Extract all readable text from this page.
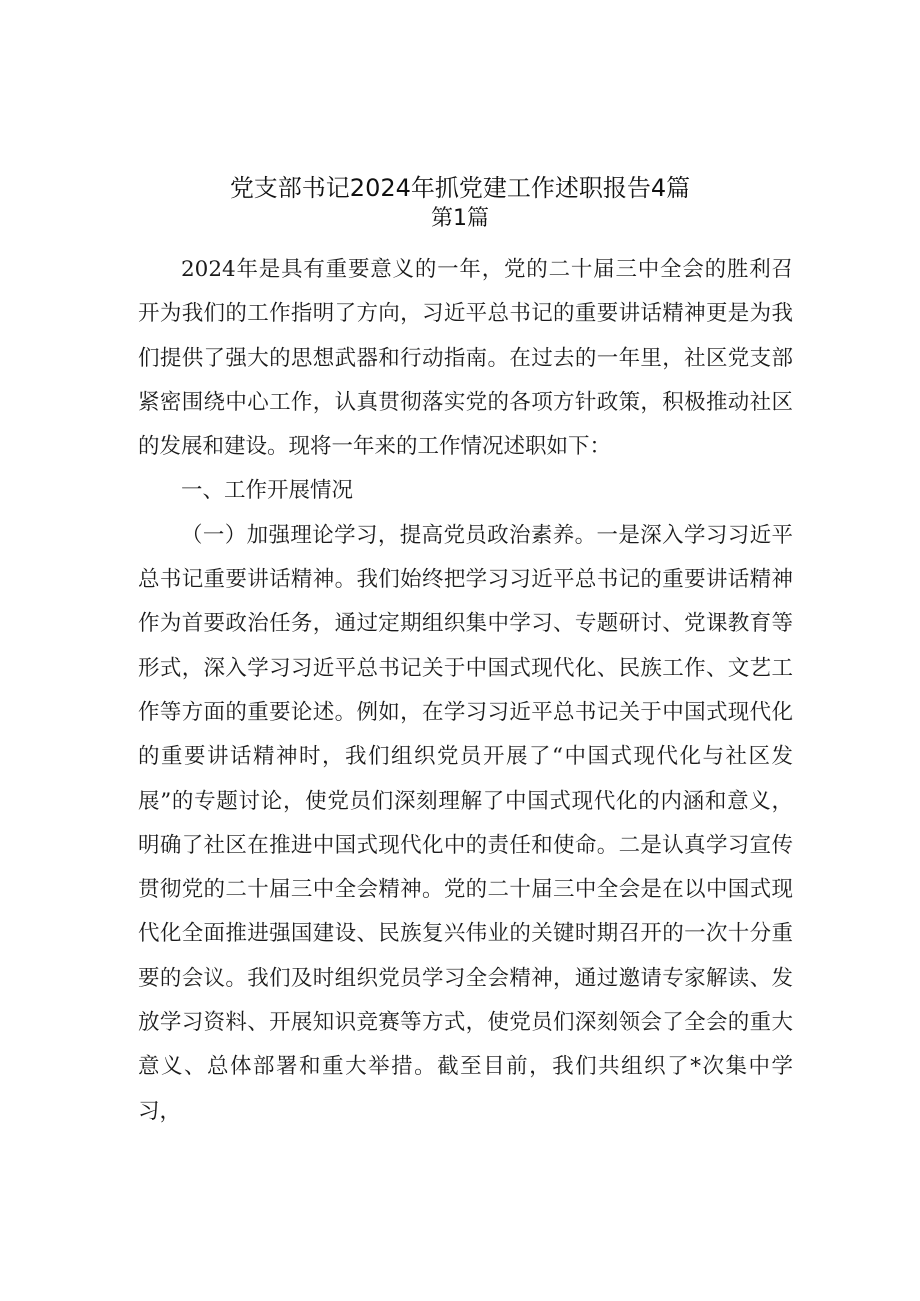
党支部书记2024年抓党建工作述职报告4篇
第1篇

2024年是具有重要意义的一年，党的二十届三中全会的胜利召开为我们的工作指明了方向，习近平总书记的重要讲话精神更是为我们提供了强大的思想武器和行动指南。在过去的一年里，社区党支部紧密围绕中心工作，认真贯彻落实党的各项方针政策，积极推动社区的发展和建设。现将一年来的工作情况述职如下：

一、工作开展情况

（一）加强理论学习，提高党员政治素养。一是深入学习习近平总书记重要讲话精神。我们始终把学习习近平总书记的重要讲话精神作为首要政治任务，通过定期组织集中学习、专题研讨、党课教育等形式，深入学习习近平总书记关于中国式现代化、民族工作、文艺工作等方面的重要论述。例如，在学习习近平总书记关于中国式现代化的重要讲话精神时，我们组织党员开展了“中国式现代化与社区发展”的专题讨论，使党员们深刻理解了中国式现代化的内涵和意义，明确了社区在推进中国式现代化中的责任和使命。二是认真学习宣传贯彻党的二十届三中全会精神。党的二十届三中全会是在以中国式现代化全面推进强国建设、民族复兴伟业的关键时期召开的一次十分重要的会议。我们及时组织党员学习全会精神，通过邀请专家解读、发放学习资料、开展知识竞赛等方式，使党员们深刻领会了全会的重大意义、总体部署和重大举措。截至目前，我们共组织了*次集中学习，
